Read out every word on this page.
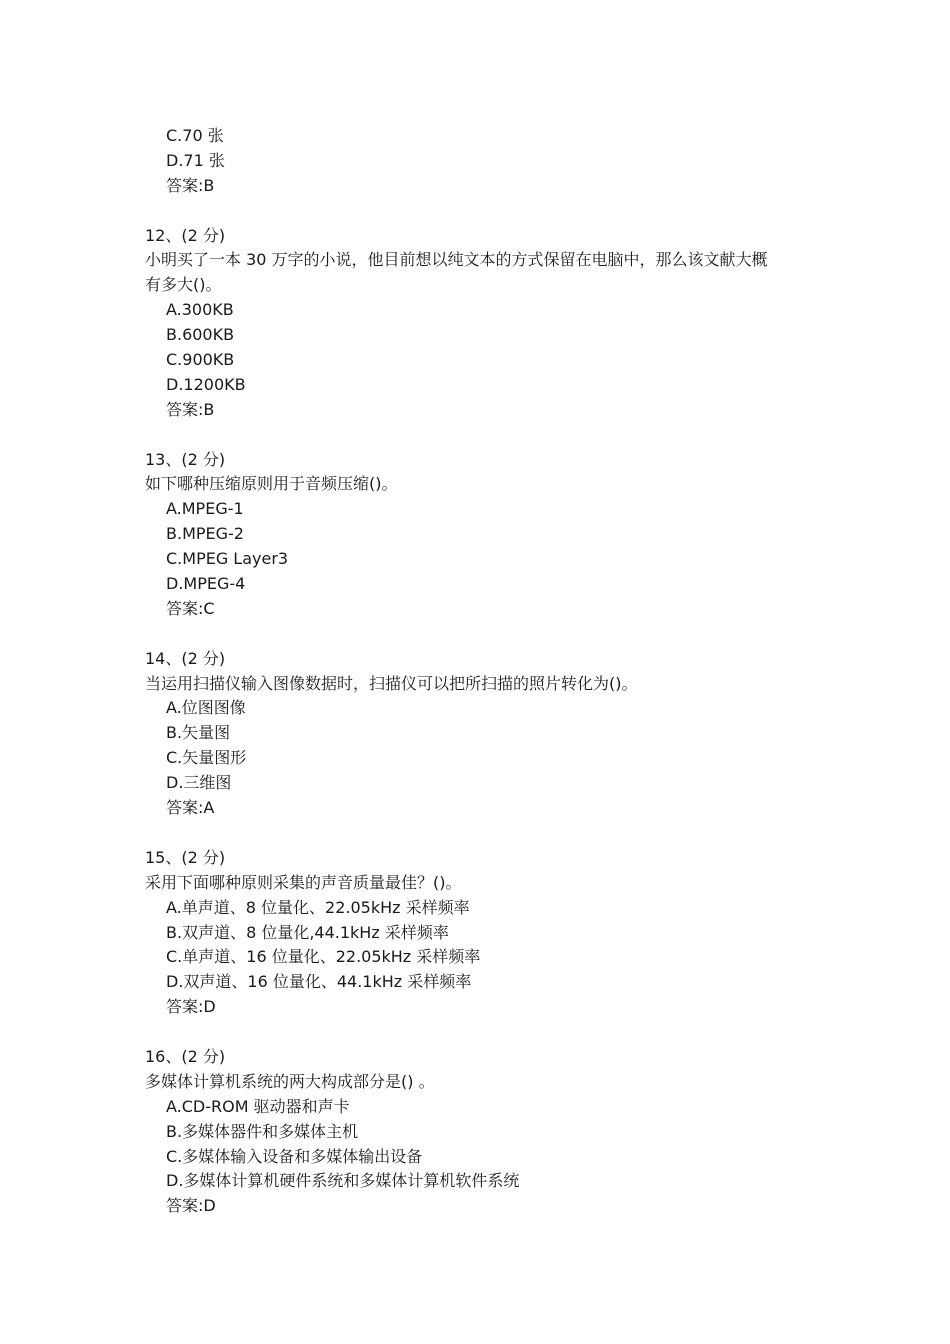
C.70 张
D.71 张
答案:B
12、(2 分)
小明买了一本 30 万字的小说，他目前想以纯文本的方式保留在电脑中，那么该文献大概
有多大()。
A.300KB
B.600KB
C.900KB
D.1200KB
答案:B
13、(2 分)
如下哪种压缩原则用于音频压缩()。
A.MPEG-1
B.MPEG-2
C.MPEG Layer3
D.MPEG-4
答案:C
14、(2 分)
当运用扫描仪输入图像数据时，扫描仪可以把所扫描的照片转化为()。
A.位图图像
B.矢量图
C.矢量图形
D.三维图
答案:A
15、(2 分)
采用下面哪种原则采集的声音质量最佳？()。
A.单声道、8 位量化、22.05kHz 采样频率
B.双声道、8 位量化,44.1kHz 采样频率
C.单声道、16 位量化、22.05kHz 采样频率
D.双声道、16 位量化、44.1kHz 采样频率
答案:D
16、(2 分)
多媒体计算机系统的两大构成部分是() 。
A.CD-ROM 驱动器和声卡
B.多媒体器件和多媒体主机
C.多媒体输入设备和多媒体输出设备
D.多媒体计算机硬件系统和多媒体计算机软件系统
答案:D
